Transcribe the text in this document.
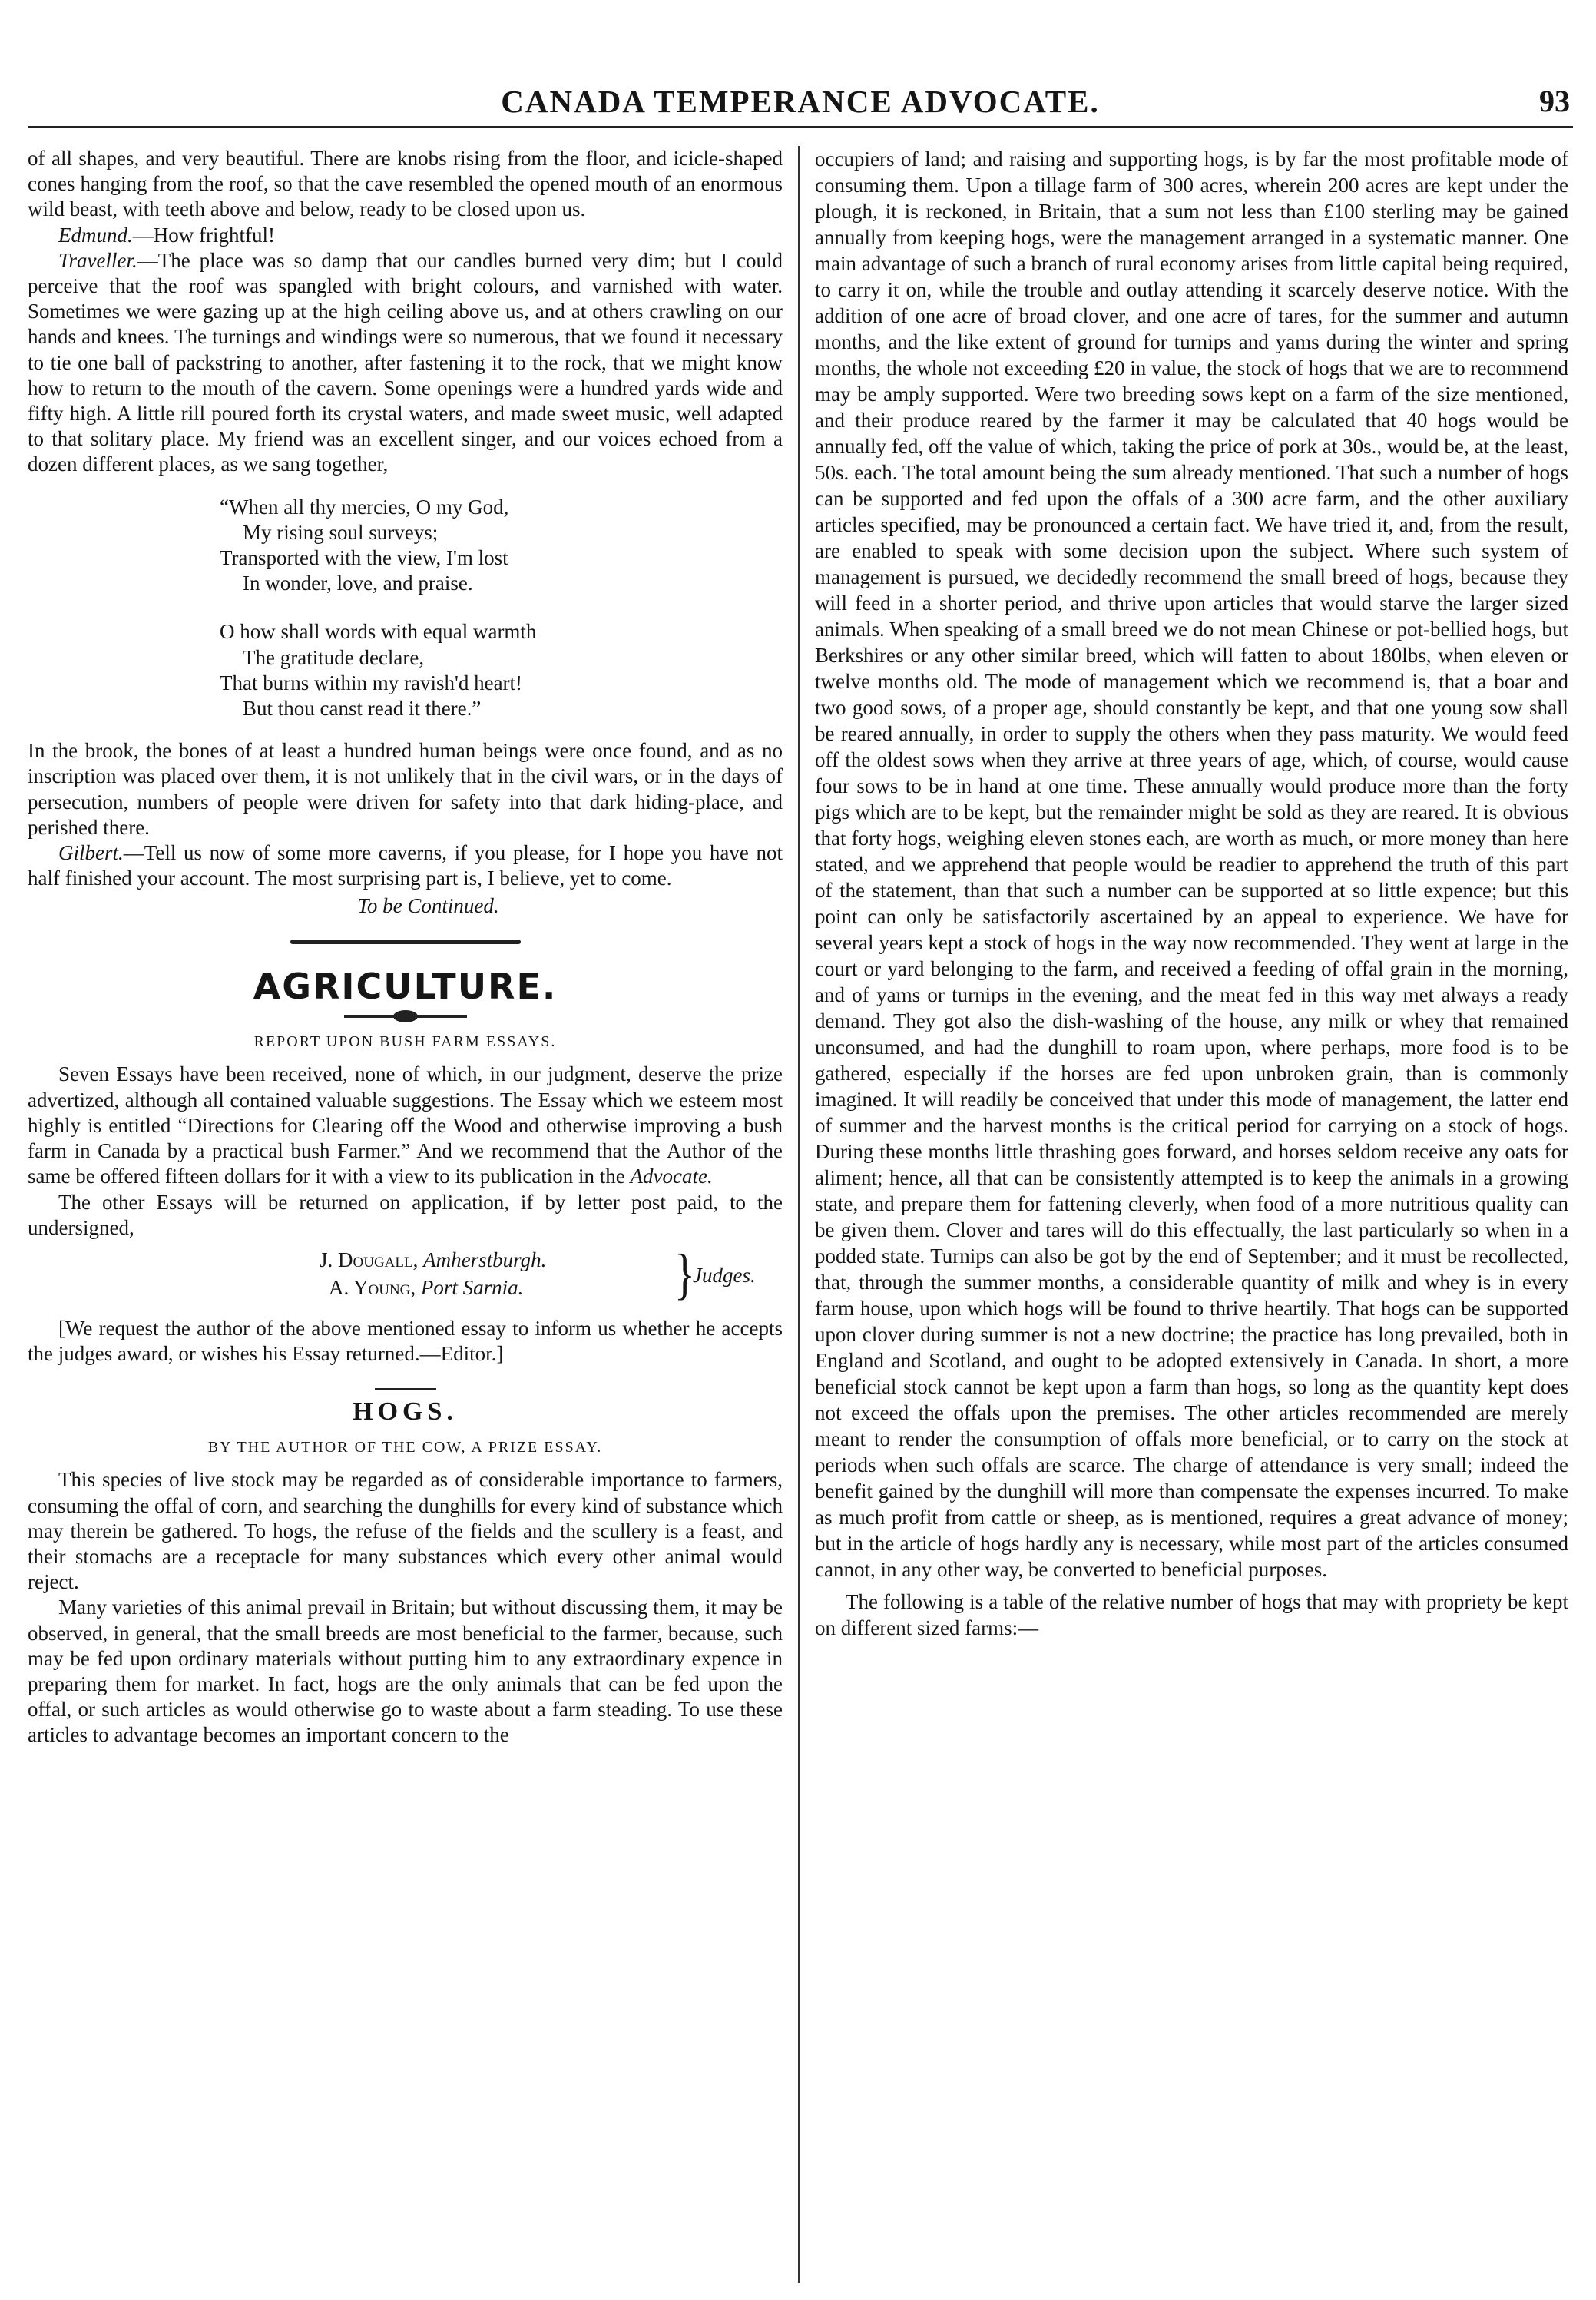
CANADA TEMPERANCE ADVOCATE.	93

of all shapes, and very beautiful. There are knobs rising from the floor, and icicle-shaped cones hanging from the roof, so that the cave resembled the opened mouth of an enormous wild beast, with teeth above and below, ready to be closed upon us.

Edmund.—How frightful!

Traveller.—The place was so damp that our candles burned very dim; but I could perceive that the roof was spangled with bright colours, and varnished with water. Sometimes we were gazing up at the high ceiling above us, and at others crawling on our hands and knees. The turnings and windings were so numerous, that we found it necessary to tie one ball of packstring to another, after fastening it to the rock, that we might know how to return to the mouth of the cavern. Some openings were a hundred yards wide and fifty high. A little rill poured forth its crystal waters, and made sweet music, well adapted to that solitary place. My friend was an excellent singer, and our voices echoed from a dozen different places, as we sang together,

“When all thy mercies, O my God,
My rising soul surveys;
Transported with the view, I'm lost
In wonder, love, and praise.
O how shall words with equal warmth
The gratitude declare,
That burns within my ravish'd heart!
But thou canst read it there.”

In the brook, the bones of at least a hundred human beings were once found, and as no inscription was placed over them, it is not unlikely that in the civil wars, or in the days of persecution, numbers of people were driven for safety into that dark hiding-place, and perished there.

Gilbert.—Tell us now of some more caverns, if you please, for I hope you have not half finished your account. The most surprising part is, I believe, yet to come.

To be Continued.
AGRICULTURE.
REPORT UPON BUSH FARM ESSAYS.

Seven Essays have been received, none of which, in our judgment, deserve the prize advertized, although all contained valuable suggestions. The Essay which we esteem most highly is entitled “Directions for Clearing off the Wood and otherwise improving a bush farm in Canada by a practical bush Farmer.” And we recommend that the Author of the same be offered fifteen dollars for it with a view to its publication in the Advocate.

The other Essays will be returned on application, if by letter post paid, to the undersigned,

J. Dougall, Amherstburgh.
A. Young, Port Sarnia.	}
Judges.

[We request the author of the above mentioned essay to inform us whether he accepts the judges award, or wishes his Essay returned.—Editor.]

HOGS.
BY THE AUTHOR OF THE COW, A PRIZE ESSAY.

This species of live stock may be regarded as of considerable importance to farmers, consuming the offal of corn, and searching the dunghills for every kind of substance which may therein be gathered. To hogs, the refuse of the fields and the scullery is a feast, and their stomachs are a receptacle for many substances which every other animal would reject.

Many varieties of this animal prevail in Britain; but without discussing them, it may be observed, in general, that the small breeds are most beneficial to the farmer, because, such may be fed upon ordinary materials without putting him to any extraordinary expence in preparing them for market. In fact, hogs are the only animals that can be fed upon the offal, or such articles as would otherwise go to waste about a farm steading. To use these articles to advantage becomes an important concern to the

occupiers of land; and raising and supporting hogs, is by far the most profitable mode of consuming them. Upon a tillage farm of 300 acres, wherein 200 acres are kept under the plough, it is reckoned, in Britain, that a sum not less than £100 sterling may be gained annually from keeping hogs, were the management arranged in a systematic manner. One main advantage of such a branch of rural economy arises from little capital being required, to carry it on, while the trouble and outlay attending it scarcely deserve notice. With the addition of one acre of broad clover, and one acre of tares, for the summer and autumn months, and the like extent of ground for turnips and yams during the winter and spring months, the whole not exceeding £20 in value, the stock of hogs that we are to recommend may be amply supported. Were two breeding sows kept on a farm of the size mentioned, and their produce reared by the farmer it may be calculated that 40 hogs would be annually fed, off the value of which, taking the price of pork at 30s., would be, at the least, 50s. each. The total amount being the sum already mentioned. That such a number of hogs can be supported and fed upon the offals of a 300 acre farm, and the other auxiliary articles specified, may be pronounced a certain fact. We have tried it, and, from the result, are enabled to speak with some decision upon the subject. Where such system of management is pursued, we decidedly recommend the small breed of hogs, because they will feed in a shorter period, and thrive upon articles that would starve the larger sized animals. When speaking of a small breed we do not mean Chinese or pot-bellied hogs, but Berkshires or any other similar breed, which will fatten to about 180lbs, when eleven or twelve months old. The mode of management which we recommend is, that a boar and two good sows, of a proper age, should constantly be kept, and that one young sow shall be reared annually, in order to supply the others when they pass maturity. We would feed off the oldest sows when they arrive at three years of age, which, of course, would cause four sows to be in hand at one time. These annually would produce more than the forty pigs which are to be kept, but the remainder might be sold as they are reared. It is obvious that forty hogs, weighing eleven stones each, are worth as much, or more money than here stated, and we apprehend that people would be readier to apprehend the truth of this part of the statement, than that such a number can be supported at so little expence; but this point can only be satisfactorily ascertained by an appeal to experience. We have for several years kept a stock of hogs in the way now recommended. They went at large in the court or yard belonging to the farm, and received a feeding of offal grain in the morning, and of yams or turnips in the evening, and the meat fed in this way met always a ready demand. They got also the dish-washing of the house, any milk or whey that remained unconsumed, and had the dunghill to roam upon, where perhaps, more food is to be gathered, especially if the horses are fed upon unbroken grain, than is commonly imagined. It will readily be conceived that under this mode of management, the latter end of summer and the harvest months is the critical period for carrying on a stock of hogs. During these months little thrashing goes forward, and horses seldom receive any oats for aliment; hence, all that can be consistently attempted is to keep the animals in a growing state, and prepare them for fattening cleverly, when food of a more nutritious quality can be given them. Clover and tares will do this effectually, the last particularly so when in a podded state. Turnips can also be got by the end of September; and it must be recollected, that, through the summer months, a considerable quantity of milk and whey is in every farm house, upon which hogs will be found to thrive heartily. That hogs can be supported upon clover during summer is not a new doctrine; the practice has long prevailed, both in England and Scotland, and ought to be adopted extensively in Canada. In short, a more beneficial stock cannot be kept upon a farm than hogs, so long as the quantity kept does not exceed the offals upon the premises. The other articles recommended are merely meant to render the consumption of offals more beneficial, or to carry on the stock at periods when such offals are scarce. The charge of attendance is very small; indeed the benefit gained by the dunghill will more than compensate the expenses incurred. To make as much profit from cattle or sheep, as is mentioned, requires a great advance of money; but in the article of hogs hardly any is necessary, while most part of the articles consumed cannot, in any other way, be converted to beneficial purposes.

The following is a table of the relative number of hogs that may with propriety be kept on different sized farms:—
